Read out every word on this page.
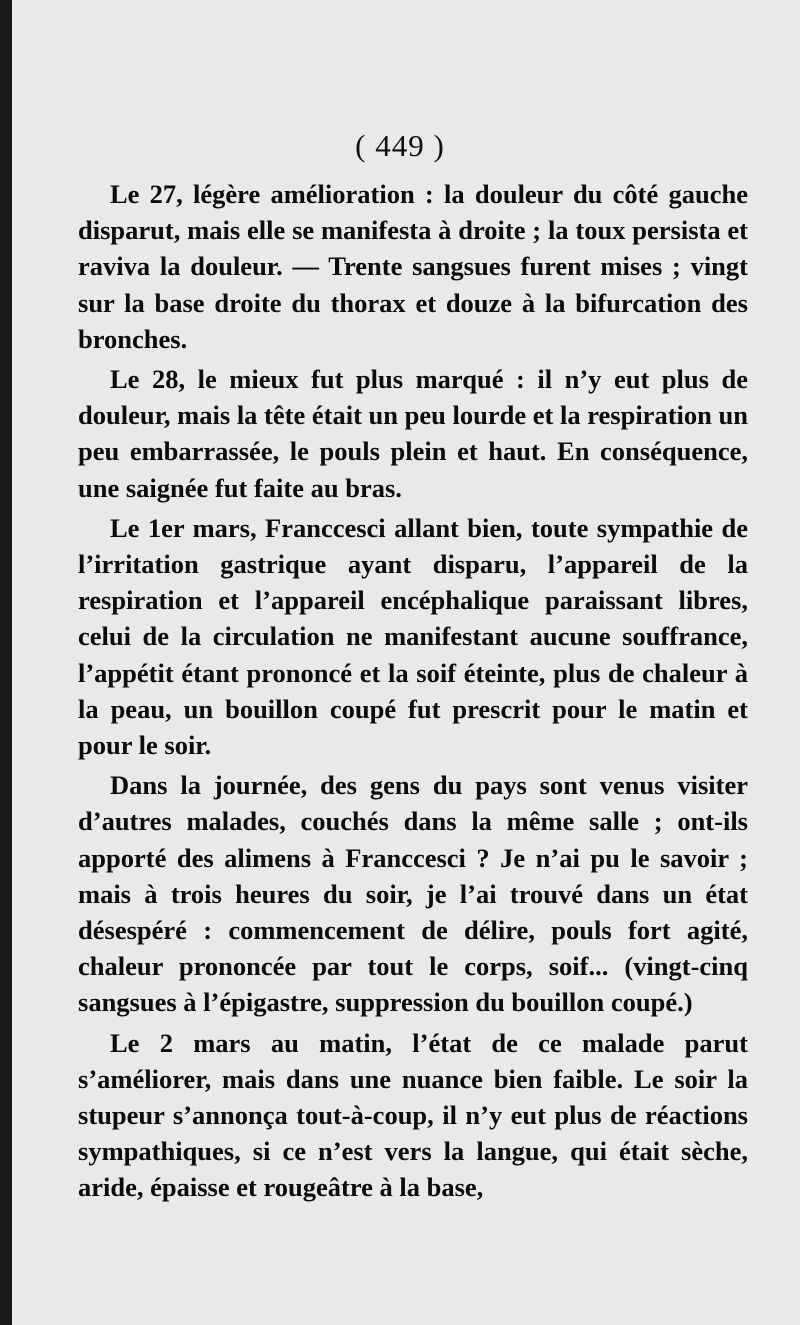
( 449 )

Le 27, légère amélioration : la douleur du côté gauche disparut, mais elle se manifesta à droite ; la toux persista et raviva la douleur. — Trente sangsues furent mises ; vingt sur la base droite du thorax et douze à la bifurcation des bronches.

Le 28, le mieux fut plus marqué : il n’y eut plus de douleur, mais la tête était un peu lourde et la respiration un peu embarrassée, le pouls plein et haut. En conséquence, une saignée fut faite au bras.

Le 1er mars, Franccesci allant bien, toute sympathie de l’irritation gastrique ayant disparu, l’appareil de la respiration et l’appareil encéphalique paraissant libres, celui de la circulation ne manifestant aucune souffrance, l’appétit étant prononcé et la soif éteinte, plus de chaleur à la peau, un bouillon coupé fut prescrit pour le matin et pour le soir.

Dans la journée, des gens du pays sont venus visiter d’autres malades, couchés dans la même salle ; ont-ils apporté des alimens à Franccesci ? Je n’ai pu le savoir ; mais à trois heures du soir, je l’ai trouvé dans un état désespéré : commencement de délire, pouls fort agité, chaleur prononcée par tout le corps, soif... (vingt-cinq sangsues à l’épigastre, suppression du bouillon coupé.)

Le 2 mars au matin, l’état de ce malade parut s’améliorer, mais dans une nuance bien faible. Le soir la stupeur s’annonça tout-à-coup, il n’y eut plus de réactions sympathiques, si ce n’est vers la langue, qui était sèche, aride, épaisse et rougeâtre à la base,
